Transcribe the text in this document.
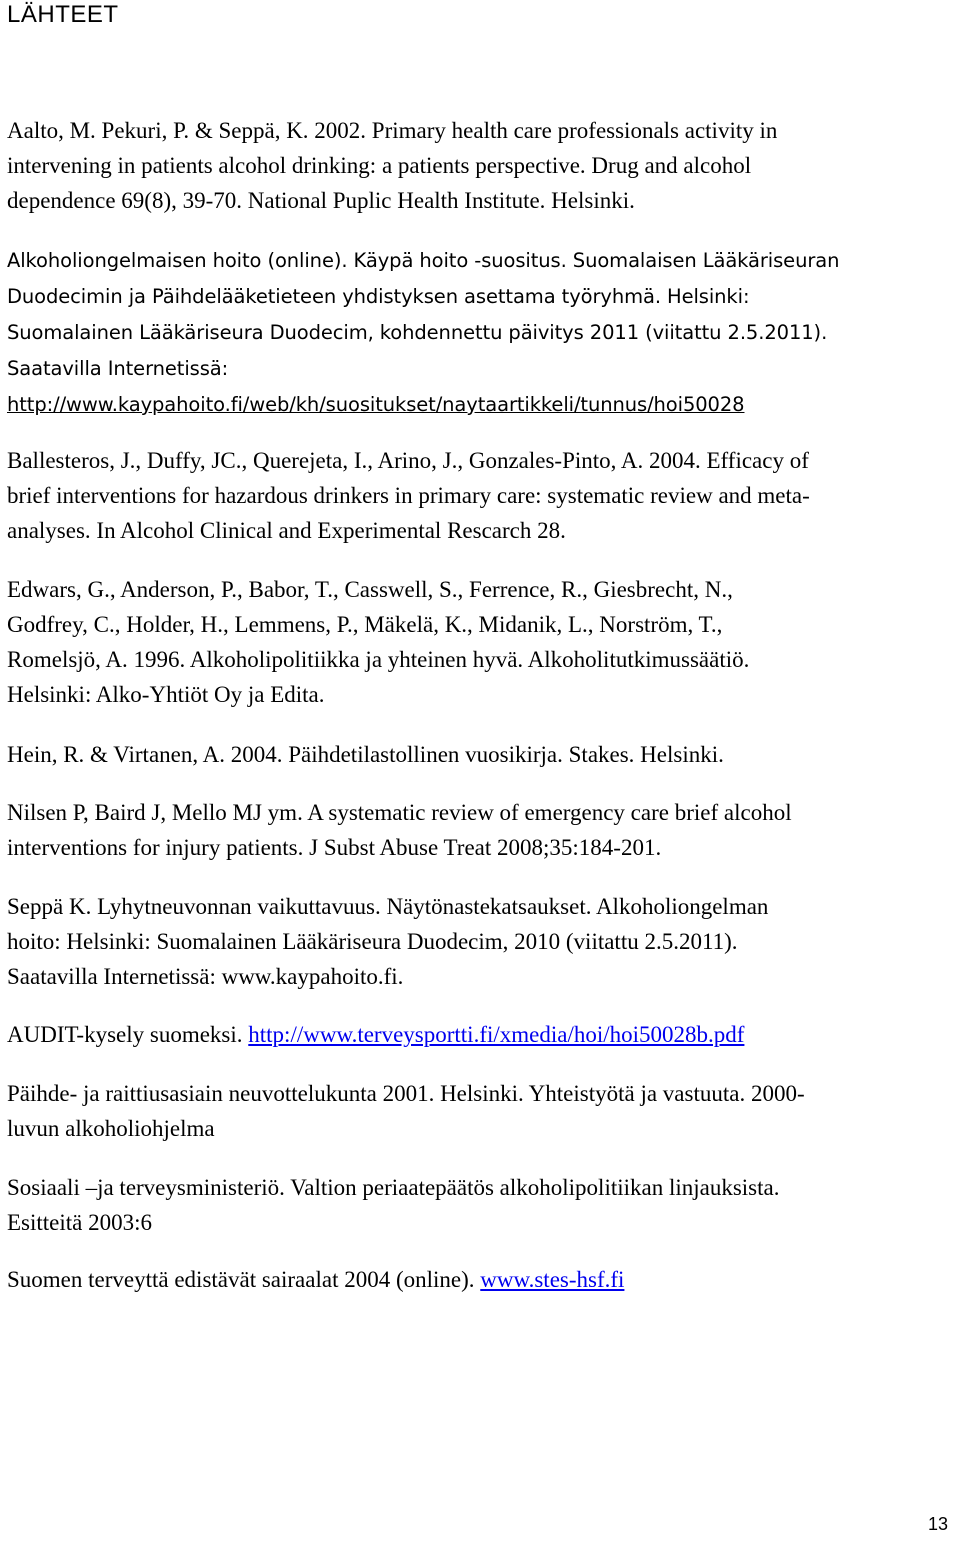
LÄHTEET

Aalto, M. Pekuri, P. & Seppä, K. 2002. Primary health care professionals activity in
intervening in patients alcohol drinking: a patients perspective. Drug and alcohol
dependence 69(8), 39-70. National Puplic Health Institute. Helsinki.

Alkoholiongelmaisen hoito (online). Käypä hoito -suositus. Suomalaisen Lääkäriseuran
Duodecimin ja Päihdelääketieteen yhdistyksen asettama työryhmä. Helsinki:
Suomalainen Lääkäriseura Duodecim, kohdennettu päivitys 2011 (viitattu 2.5.2011).
Saatavilla Internetissä:
http://www.kaypahoito.fi/web/kh/suositukset/naytaartikkeli/tunnus/hoi50028

Ballesteros, J., Duffy, JC., Querejeta, I., Arino, J., Gonzales-Pinto, A. 2004. Efficacy of
brief interventions for hazardous drinkers in primary care: systematic review and meta-
analyses. In Alcohol Clinical and Experimental Rescarch 28.

Edwars, G., Anderson, P., Babor, T., Casswell, S., Ferrence, R., Giesbrecht, N.,
Godfrey, C., Holder, H., Lemmens, P., Mäkelä, K., Midanik, L., Norström, T.,
Romelsjö, A. 1996. Alkoholipolitiikka ja yhteinen hyvä. Alkoholitutkimussäätiö.
Helsinki: Alko-Yhtiöt Oy ja Edita.

Hein, R. & Virtanen, A. 2004. Päihdetilastollinen vuosikirja. Stakes. Helsinki.

Nilsen P, Baird J, Mello MJ ym. A systematic review of emergency care brief alcohol
interventions for injury patients. J Subst Abuse Treat 2008;35:184-201.

Seppä K. Lyhytneuvonnan vaikuttavuus. Näytönastekatsaukset. Alkoholiongelman
hoito: Helsinki: Suomalainen Lääkäriseura Duodecim, 2010 (viitattu 2.5.2011).
Saatavilla Internetissä: www.kaypahoito.fi.

AUDIT-kysely suomeksi. http://www.terveysportti.fi/xmedia/hoi/hoi50028b.pdf

Päihde- ja raittiusasiain neuvottelukunta 2001. Helsinki. Yhteistyötä ja vastuuta. 2000-
luvun alkoholiohjelma

Sosiaali –ja terveysministeriö. Valtion periaatepäätös alkoholipolitiikan linjauksista.
Esitteitä 2003:6

Suomen terveyttä edistävät sairaalat 2004 (online). www.stes-hsf.fi

13
